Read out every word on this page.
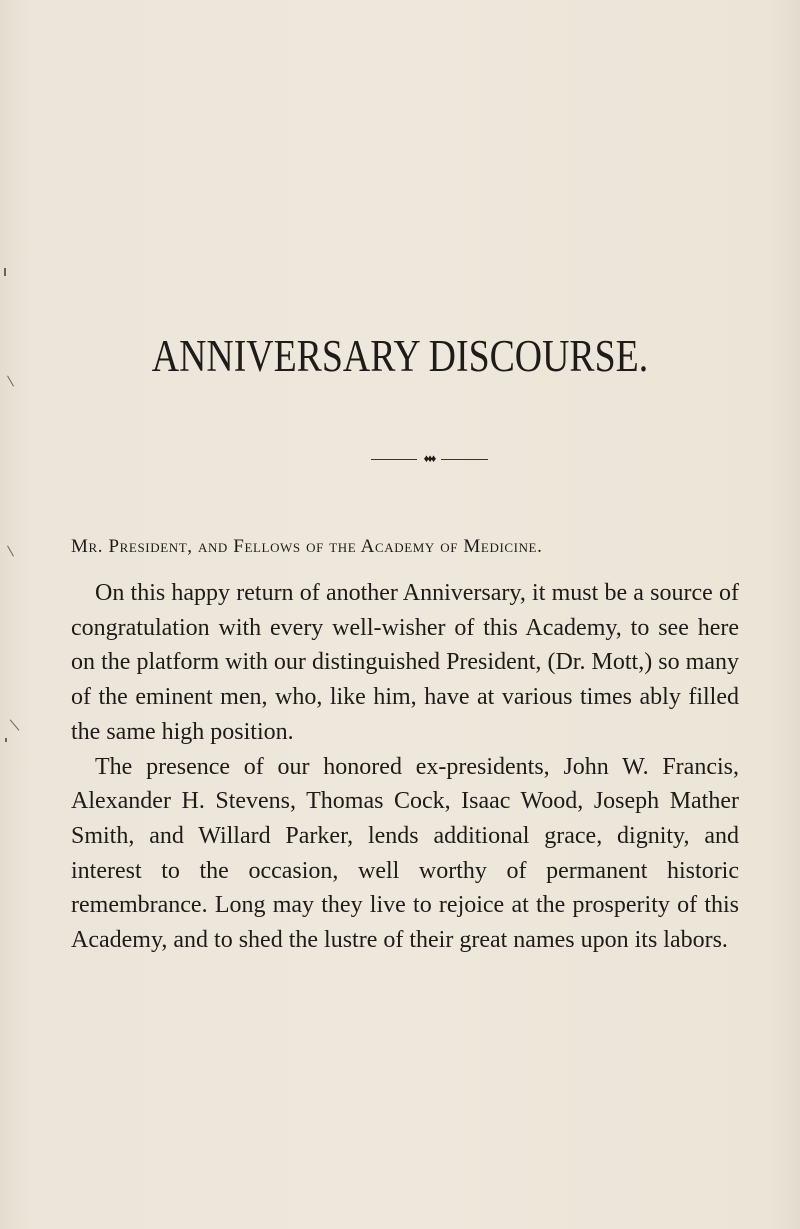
ANNIVERSARY DISCOURSE.
♦♦♦
Mr. President, and Fellows of the Academy of Medicine.

On this happy return of another Anniversary, it must be a source of congratulation with every well-wisher of this Academy, to see here on the platform with our distinguished President, (Dr. Mott,) so many of the eminent men, who, like him, have at various times ably filled the same high position.

The presence of our honored ex-presidents, John W. Francis, Alexander H. Stevens, Thomas Cock, Isaac Wood, Joseph Mather Smith, and Willard Parker, lends additional grace, dignity, and interest to the occasion, well worthy of permanent historic remembrance. Long may they live to rejoice at the prosperity of this Academy, and to shed the lustre of their great names upon its labors.
